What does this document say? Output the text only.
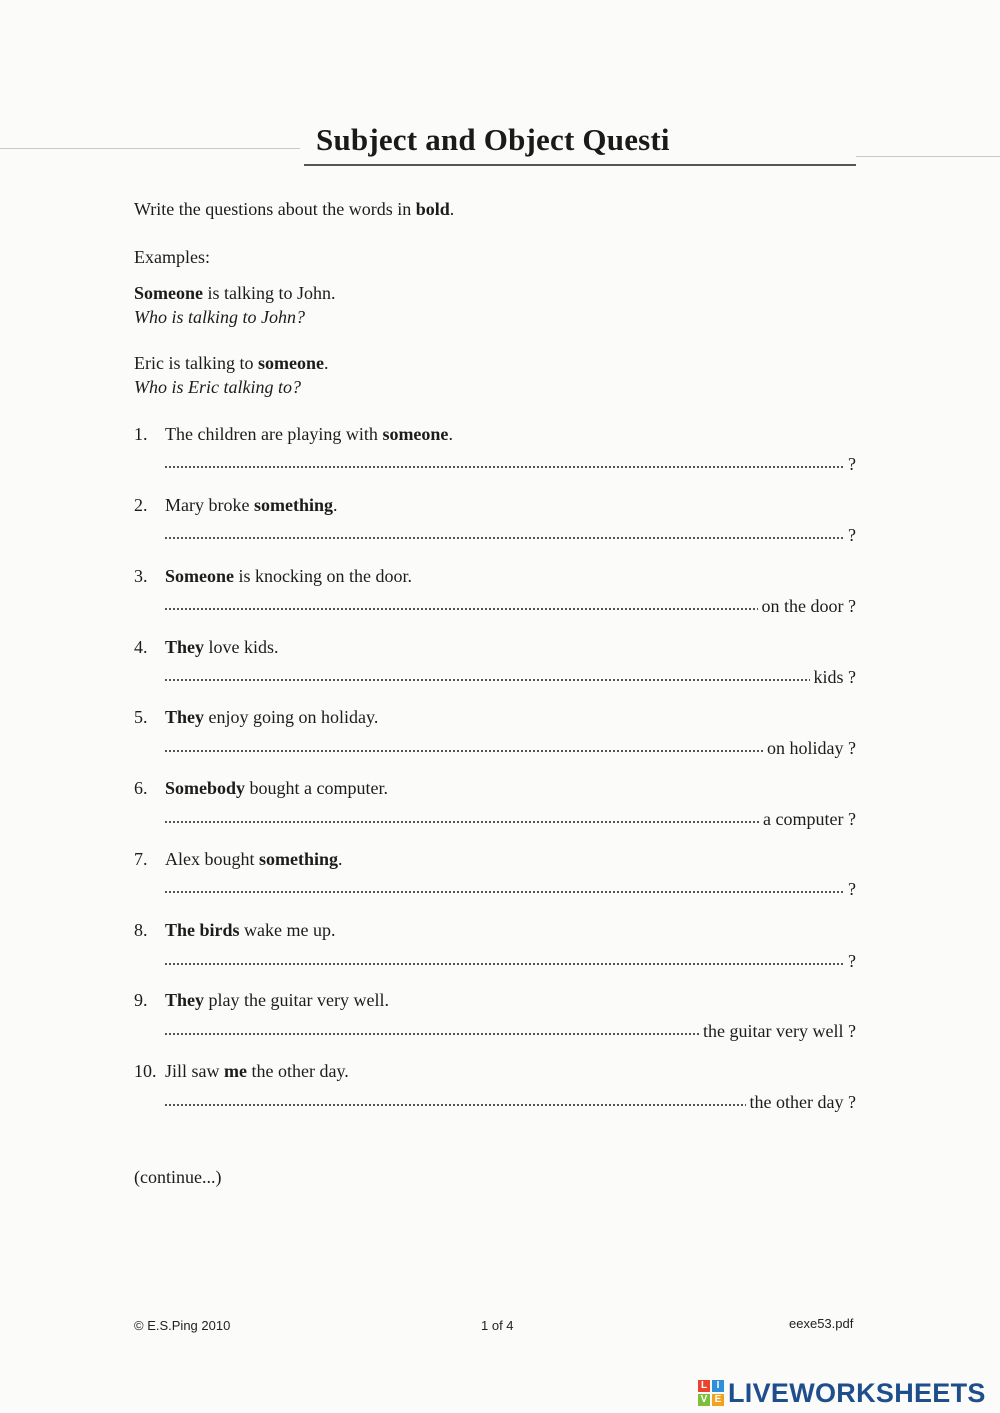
Subject and Object Questi
Write the questions about the words in bold.
Examples:
Someone is talking to John.
Who is talking to John?
Eric is talking to someone.
Who is Eric talking to?
1. The children are playing with someone.
?
2. Mary broke something.
?
3. Someone is knocking on the door.
on the door ?
4. They love kids.
kids ?
5. They enjoy going on holiday.
on holiday ?
6. Somebody bought a computer.
a computer ?
7. Alex bought something.
?
8. The birds wake me up.
?
9. They play the guitar very well.
the guitar very well ?
10. Jill saw me the other day.
the other day ?
(continue...)
© E.S.Ping 2010	1 of 4	eexe53.pdf
L I
V E LIVEWORKSHEETS
